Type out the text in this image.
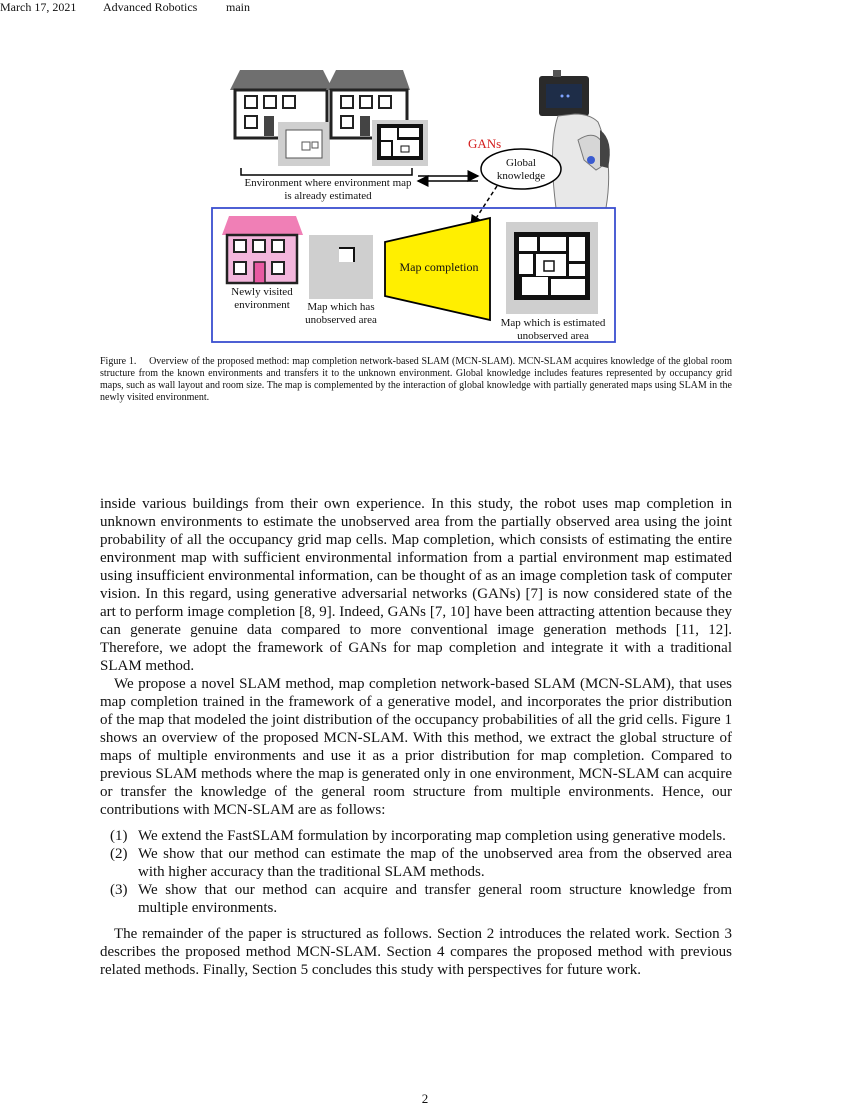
March 17, 2021 Advanced Robotics main
GANs
Global knowledge
Environment where environment map is already estimated
Map completion
Newly visited environment	Map which has unobserved area	Map which is estimated unobserved area
Figure 1.  Overview of the proposed method: map completion network-based SLAM (MCN-SLAM). MCN-SLAM acquires knowledge of the global room structure from the known environments and transfers it to the unknown environment. Global knowledge includes features represented by occupancy grid maps, such as wall layout and room size. The map is complemented by the interaction of global knowledge with partially generated maps using SLAM in the newly visited environment.

inside various buildings from their own experience. In this study, the robot uses map completion in unknown environments to estimate the unobserved area from the partially observed area using the joint probability of all the occupancy grid map cells. Map completion, which consists of estimating the entire environment map with sufficient environmental information from a partial environment map estimated using insufficient environmental information, can be thought of as an image completion task of computer vision. In this regard, using generative adversarial networks (GANs) [7] is now considered state of the art to perform image completion [8, 9]. Indeed, GANs [7, 10] have been attracting attention because they can generate genuine data compared to more conventional image generation methods [11, 12]. Therefore, we adopt the framework of GANs for map completion and integrate it with a traditional SLAM method.

We propose a novel SLAM method, map completion network-based SLAM (MCN-SLAM), that uses map completion trained in the framework of a generative model, and incorporates the prior distribution of the map that modeled the joint distribution of the occupancy probabilities of all the grid cells. Figure 1 shows an overview of the proposed MCN-SLAM. With this method, we extract the global structure of maps of multiple environments and use it as a prior distribution for map completion. Compared to previous SLAM methods where the map is generated only in one environment, MCN-SLAM can acquire or transfer the knowledge of the general room structure from multiple environments. Hence, our contributions with MCN-SLAM are as follows:

(1) We extend the FastSLAM formulation by incorporating map completion using generative models.
(2) We show that our method can estimate the map of the unobserved area from the observed area with higher accuracy than the traditional SLAM methods.
(3) We show that our method can acquire and transfer general room structure knowledge from multiple environments.

The remainder of the paper is structured as follows. Section 2 introduces the related work. Section 3 describes the proposed method MCN-SLAM. Section 4 compares the proposed method with previous related methods. Finally, Section 5 concludes this study with perspectives for future work.

2
